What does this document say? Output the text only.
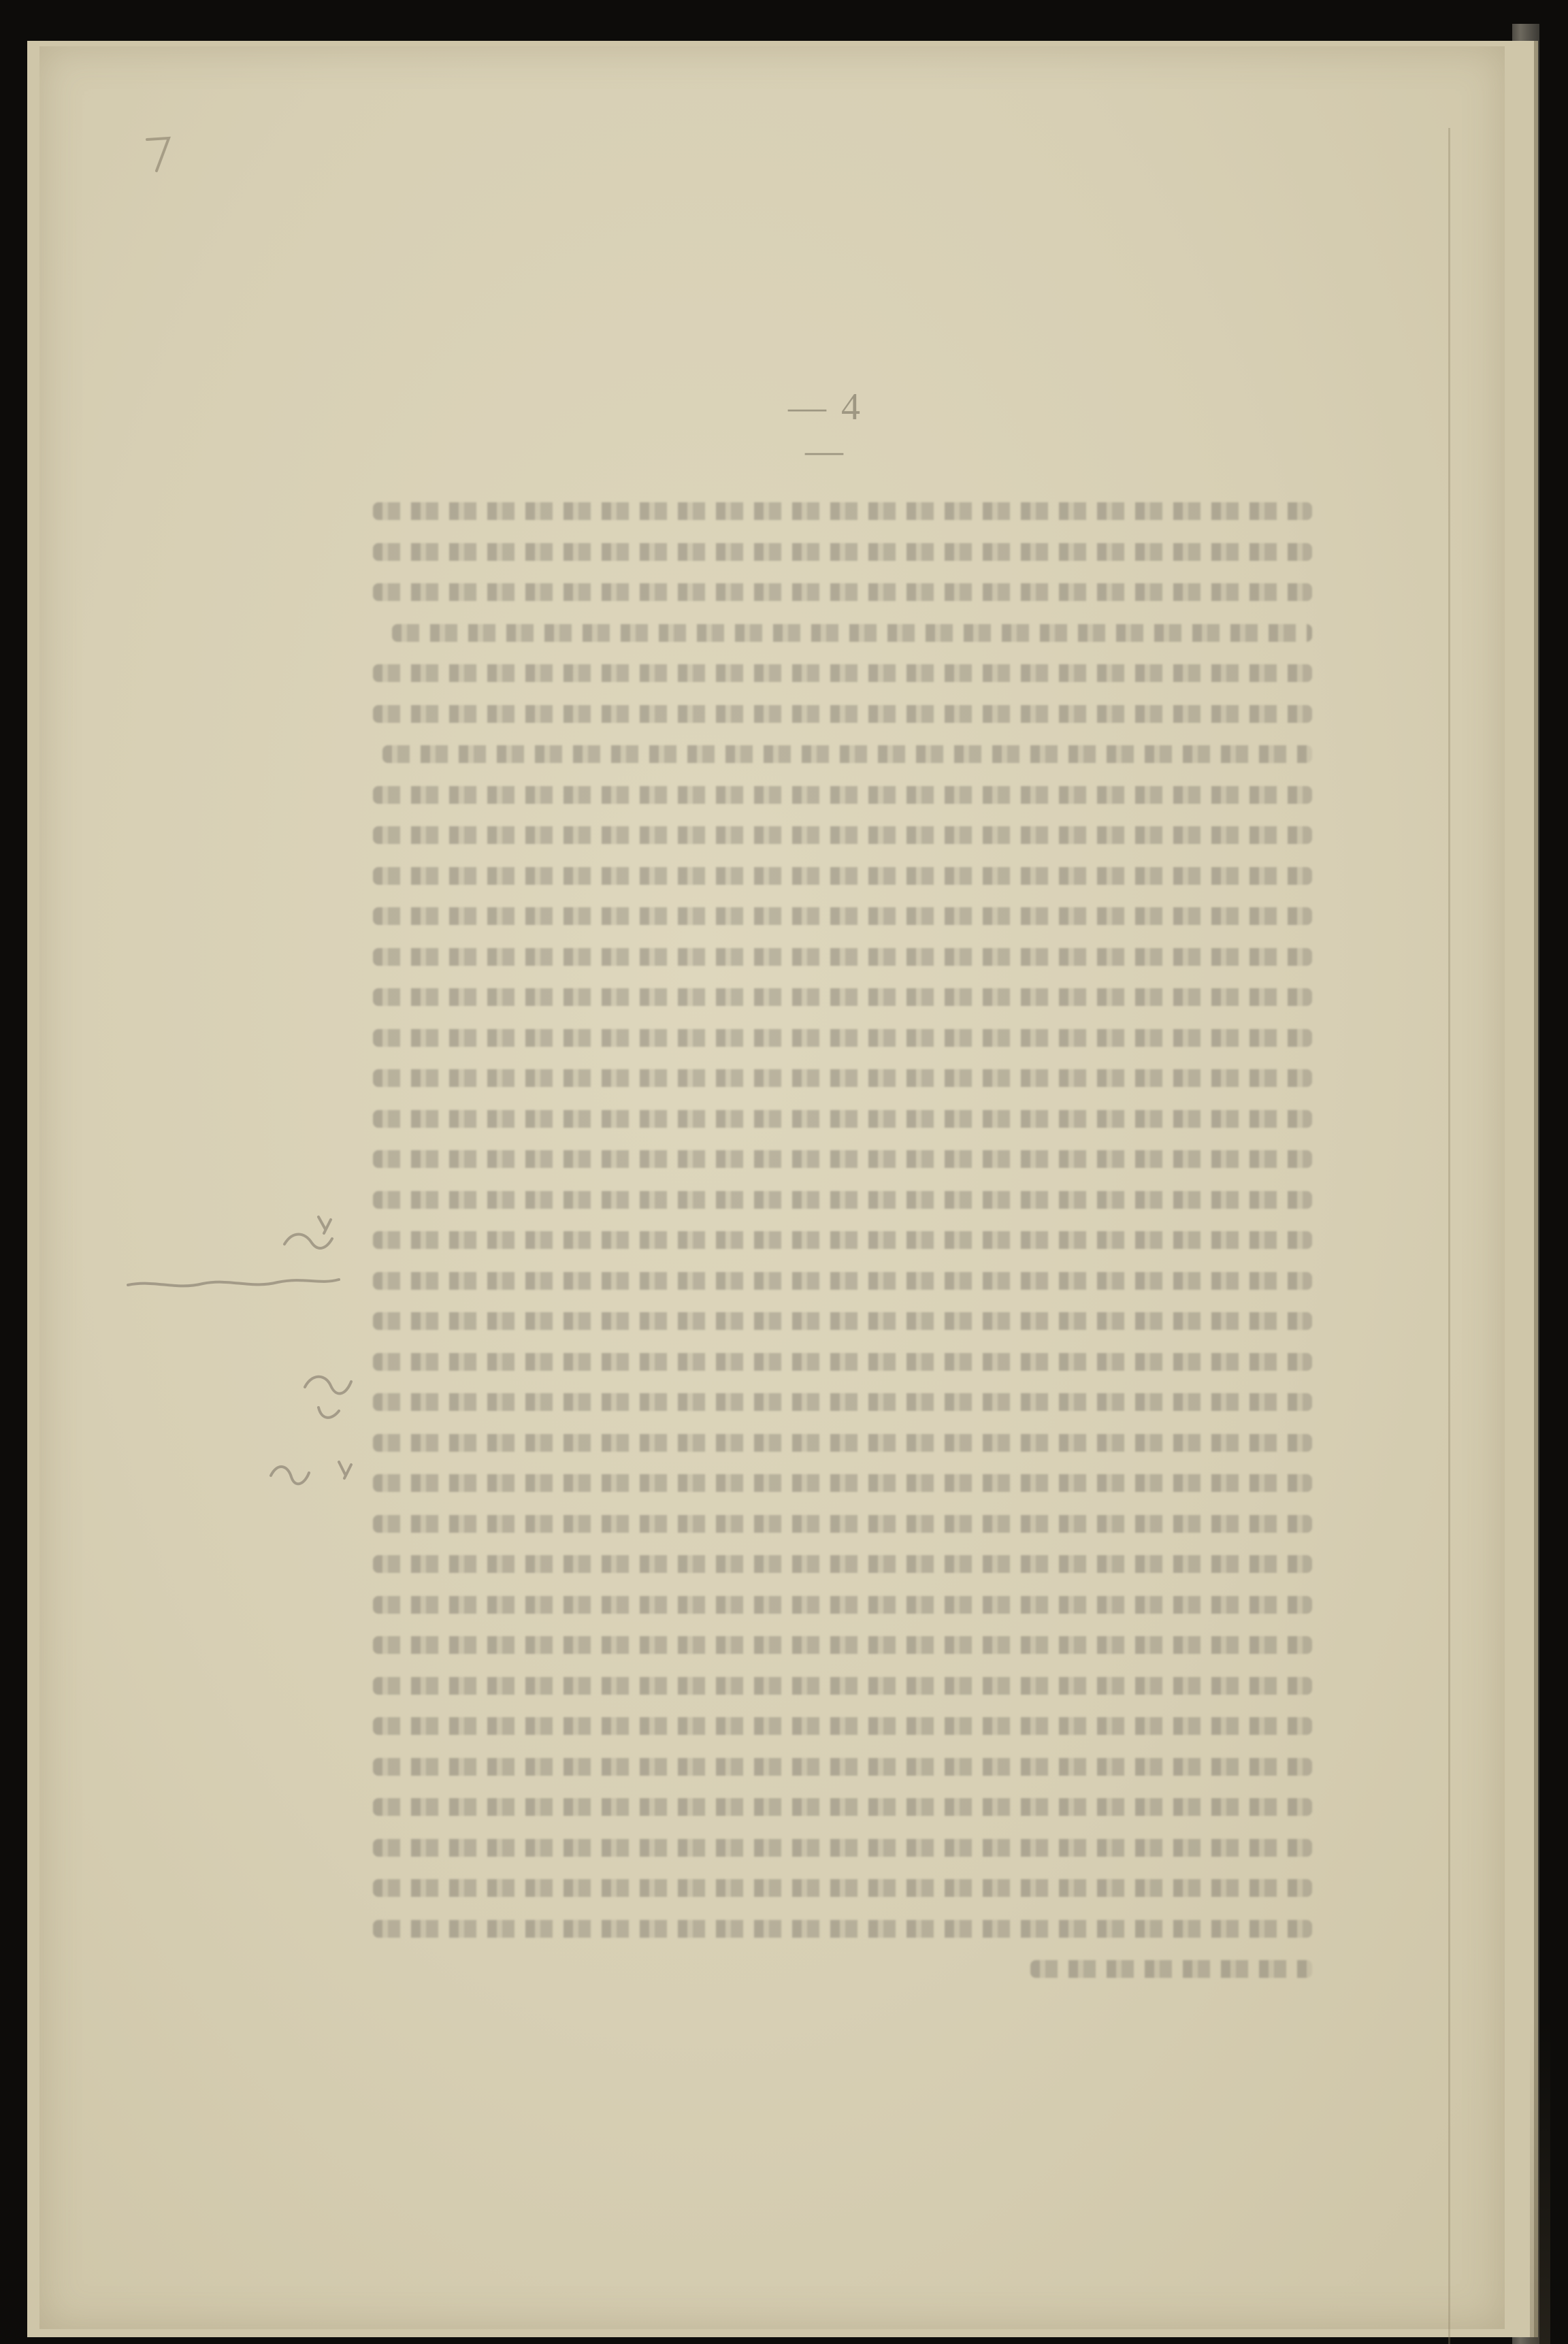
— 4 —
